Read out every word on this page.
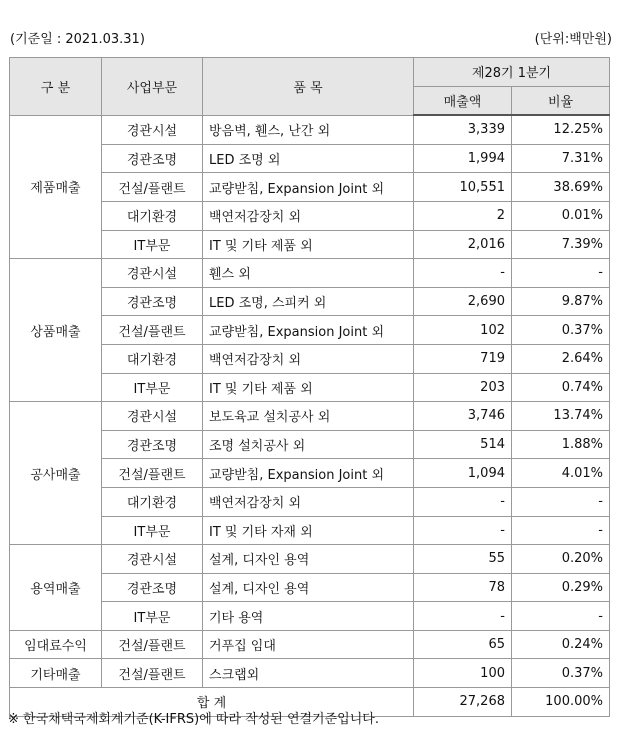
(기준일 : 2021.03.31)	(단위:백만원)
구 분	사업부문	품 목	제28기 1분기	
			매출액	비율
제품매출	경관시설	방음벽, 휀스, 난간 외	3,339	12.25%
	경관조명	LED 조명 외	1,994	7.31%
	건설/플랜트	교량받침, Expansion Joint 외	10,551	38.69%
	대기환경	백연저감장치 외	2	0.01%
	IT부문	IT 및 기타 제품 외	2,016	7.39%
상품매출	경관시설	휀스 외	-	-
	경관조명	LED 조명, 스피커 외	2,690	9.87%
	건설/플랜트	교량받침, Expansion Joint 외	102	0.37%
	대기환경	백연저감장치 외	719	2.64%
	IT부문	IT 및 기타 제품 외	203	0.74%
공사매출	경관시설	보도육교 설치공사 외	3,746	13.74%
	경관조명	조명 설치공사 외	514	1.88%
	건설/플랜트	교량받침, Expansion Joint 외	1,094	4.01%
	대기환경	백연저감장치 외	-	-
	IT부문	IT 및 기타 자재 외	-	-
용역매출	경관시설	설계, 디자인 용역	55	0.20%
	경관조명	설계, 디자인 용역	78	0.29%
	IT부문	기타 용역	-	-
임대료수익	건설/플랜트	거푸집 임대	65	0.24%
기타매출	건설/플랜트	스크랩외	100	0.37%
합 계			27,268	100.00%
※ 한국채택국제회계기준(K-IFRS)에 따라 작성된 연결기준입니다.
